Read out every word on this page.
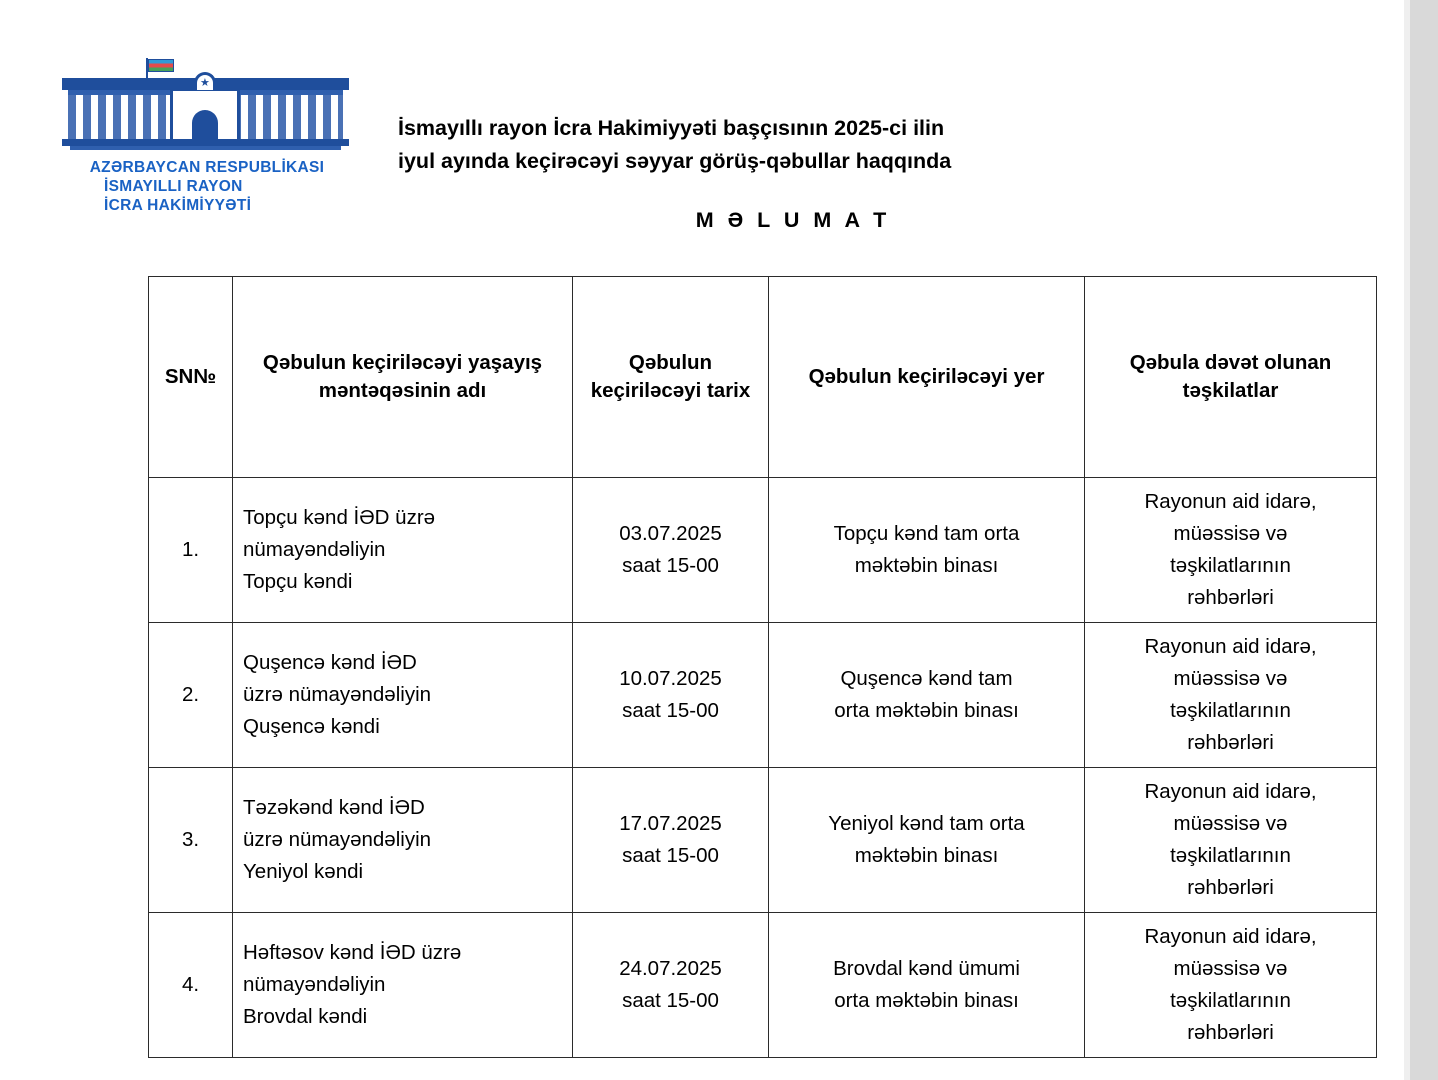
★
AZƏRBAYCAN RESPUBLİKASI
İSMAYILLI RAYON
İCRA HAKİMİYYƏTİ
İsmayıllı rayon İcra Hakimiyyəti başçısının 2025-ci ilin
iyul ayında keçirəcəyi səyyar görüş-qəbullar haqqında
M Ə L U M A T
SN№	Qəbulun keçiriləcəyi yaşayış məntəqəsinin adı	Qəbulun keçiriləcəyi tarix	Qəbulun keçiriləcəyi yer	Qəbula dəvət olunan təşkilatlar
1.	Topçu kənd İƏD üzrə
nümayəndəliyin
Topçu kəndi	03.07.2025
saat 15-00	Topçu kənd tam orta
məktəbin binası	Rayonun aid idarə,
müəssisə və
təşkilatlarının
rəhbərləri

2.	Quşencə kənd İƏD
üzrə nümayəndəliyin
Quşencə kəndi	10.07.2025
saat 15-00	Quşencə kənd tam
orta məktəbin binası	Rayonun aid idarə,
müəssisə və
təşkilatlarının
rəhbərləri

3.	Təzəkənd kənd İƏD
üzrə nümayəndəliyin
Yeniyol kəndi	17.07.2025
saat 15-00	Yeniyol kənd tam orta
məktəbin binası	Rayonun aid idarə,
müəssisə və
təşkilatlarının
rəhbərləri

4.	Həftəsov kənd İƏD üzrə
nümayəndəliyin
Brovdal kəndi	24.07.2025
saat 15-00	Brovdal kənd ümumi
orta məktəbin binası	Rayonun aid idarə,
müəssisə və
təşkilatlarının
rəhbərləri
